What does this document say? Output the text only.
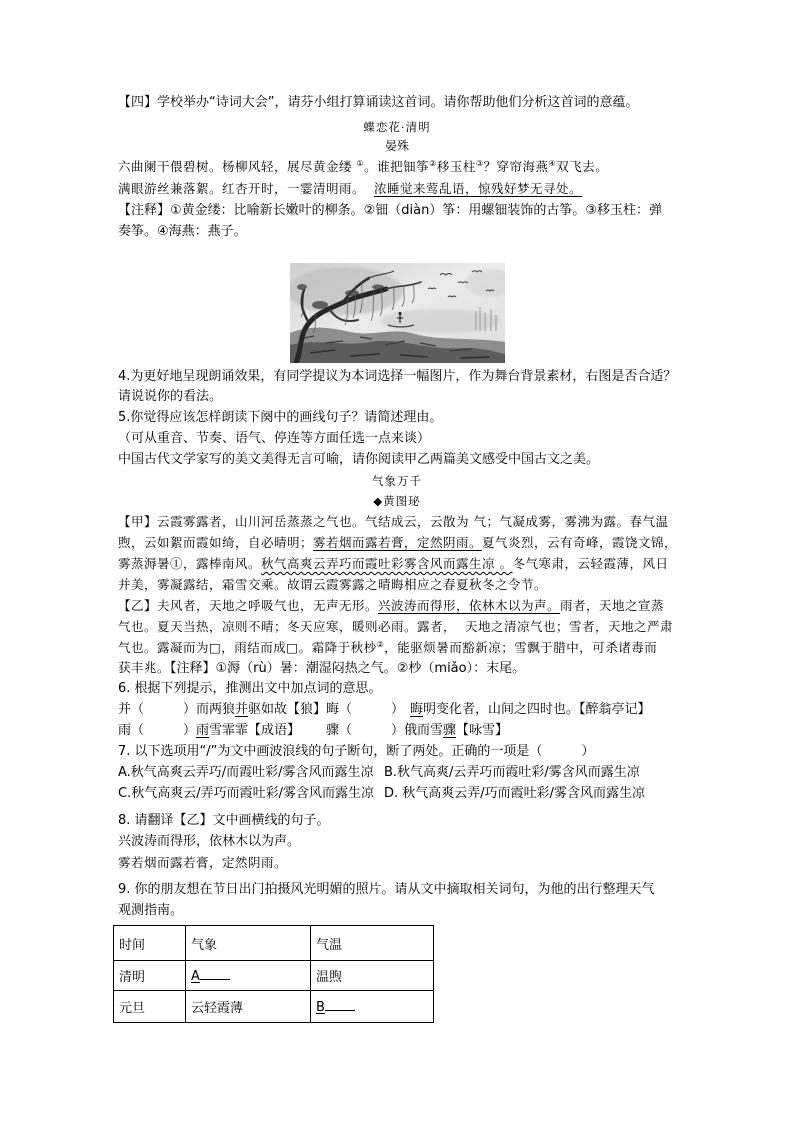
【四】学校举办“诗词大会”，请芬小组打算诵读这首词。请你帮助他们分析这首词的意蕴。
蝶恋花·清明
晏殊
六曲阑干偎碧树。杨柳风轻，展尽黄金缕 ①。谁把钿筝②移玉柱③？穿帘海燕④双飞去。
满眼游丝兼落絮。红杏开时，一霎清明雨。 浓睡觉来莺乱语，惊残好梦无寻处。
【注释】①黄金缕：比喻新长嫩叶的柳条。②钿（diàn）筝：用螺钿装饰的古筝。③移玉柱：弹
奏筝。④海燕：燕子。
4.为更好地呈现朗诵效果，有同学提议为本词选择一幅图片，作为舞台背景素材，右图是否合适？
请说说你的看法。
5.你觉得应该怎样朗读下阕中的画线句子？请简述理由。
（可从重音、节奏、语气、停连等方面任选一点来谈）
中国古代文学家写的美文美得无言可喻，请你阅读甲乙两篇美文感受中国古文之美。
气象万千
◆黄图珌
【甲】云霞雾露者，山川河岳蒸蒸之气也。气结成云，云散为 气；气凝成雾，雾沸为露。春气温
煦，云如絮而霞如绮，自必晴明；雾若烟而露若膏，定然阴雨。夏气炎烈，云有奇峰，霞饶文锦，
雾蒸溽暑①，露棒南风。秋气高爽云弄巧而霞吐彩雾含风而露生凉 。冬气寒肃，云轻霞薄，风日
并美，雾凝露结，霜雪交乘。故谓云霞雾露之晴晦相应之春夏秋冬之令节。
【乙】夫风者，天地之呼吸气也，无声无形。兴波涛而得形，依林木以为声。雨者，天地之宣蒸
气也。夏天当热，凉则不晴；冬天应寒，暖则必雨。露者，  天地之清凉气也；雪者，天地之严肃
气也。露凝而为□，雨结而成□。霜降于秋杪②，能驱烦暑而豁新凉；雪飘于腊中，可杀诸毒而
获丰兆。【注释】①溽（rù）暑：潮湿闷热之气。②杪（miǎo）：末尾。
6. 根据下列提示，推测出文中加点词的意思。

并（　　　）而两狼并驱如故【狼】

晦（　　　）

晦明变化者，山间之四时也。【醉翁亭记】

雨（　　　）雨雪霏霏【成语】

骤（　　　）俄而雪骤【咏雪】

7. 以下选项用“/”为文中画波浪线的句子断句，断了两处。正确的一项是（　　　）

A.秋气高爽云弄巧/而霞吐彩/雾含风而露生凉

B.秋气高爽/云弄巧而霞吐彩/雾含风而露生凉

C.秋气高爽云/弄巧而霞吐彩/雾含风而露生凉

D. 秋气高爽云弄/巧而霞吐彩/雾含风而露生凉

8. 请翻译【乙】文中画横线的句子。
兴波涛而得形，依林木以为声。
雾若烟而露若膏，定然阴雨。
9. 你的朋友想在节日出门拍摄风光明媚的照片。请从文中摘取相关词句，为他的出行整理天气
观测指南。
时间	气象	气温
清明	A	温煦
元旦	云轻霞薄	B
